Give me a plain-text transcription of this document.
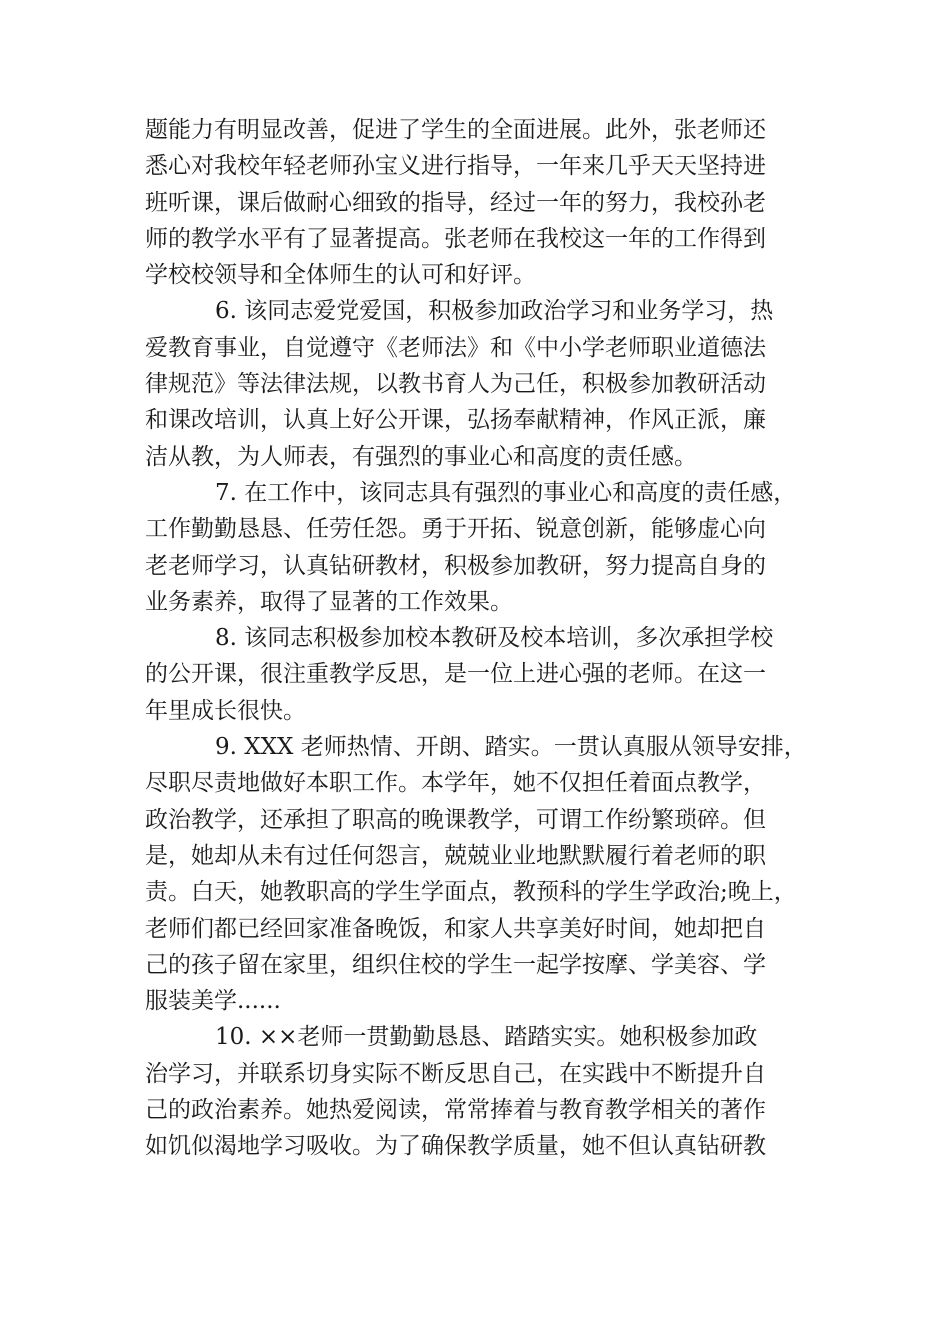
题能力有明显改善，促进了学生的全面进展。此外，张老师还
悉心对我校年轻老师孙宝义进行指导，一年来几乎天天坚持进
班听课，课后做耐心细致的指导，经过一年的努力，我校孙老
师的教学水平有了显著提高。张老师在我校这一年的工作得到
学校校领导和全体师生的认可和好评。
6. 该同志爱党爱国，积极参加政治学习和业务学习，热
爱教育事业，自觉遵守《老师法》和《中小学老师职业道德法
律规范》等法律法规，以教书育人为己任，积极参加教研活动
和课改培训，认真上好公开课，弘扬奉献精神，作风正派，廉
洁从教，为人师表，有强烈的事业心和高度的责任感。
7. 在工作中，该同志具有强烈的事业心和高度的责任感，
工作勤勤恳恳、任劳任怨。勇于开拓、锐意创新，能够虚心向
老老师学习，认真钻研教材，积极参加教研，努力提高自身的
业务素养，取得了显著的工作效果。
8. 该同志积极参加校本教研及校本培训，多次承担学校
的公开课，很注重教学反思，是一位上进心强的老师。在这一
年里成长很快。
9. XXX 老师热情、开朗、踏实。一贯认真服从领导安排，
尽职尽责地做好本职工作。本学年，她不仅担任着面点教学，
政治教学，还承担了职高的晚课教学，可谓工作纷繁琐碎。但
是，她却从未有过任何怨言，兢兢业业地默默履行着老师的职
责。白天，她教职高的学生学面点，教预科的学生学政治;晚上，
老师们都已经回家准备晚饭，和家人共享美好时间，她却把自
己的孩子留在家里，组织住校的学生一起学按摩、学美容、学
服装美学......
10. ××老师一贯勤勤恳恳、踏踏实实。她积极参加政
治学习，并联系切身实际不断反思自己，在实践中不断提升自
己的政治素养。她热爱阅读，常常捧着与教育教学相关的著作
如饥似渴地学习吸收。为了确保教学质量，她不但认真钻研教
